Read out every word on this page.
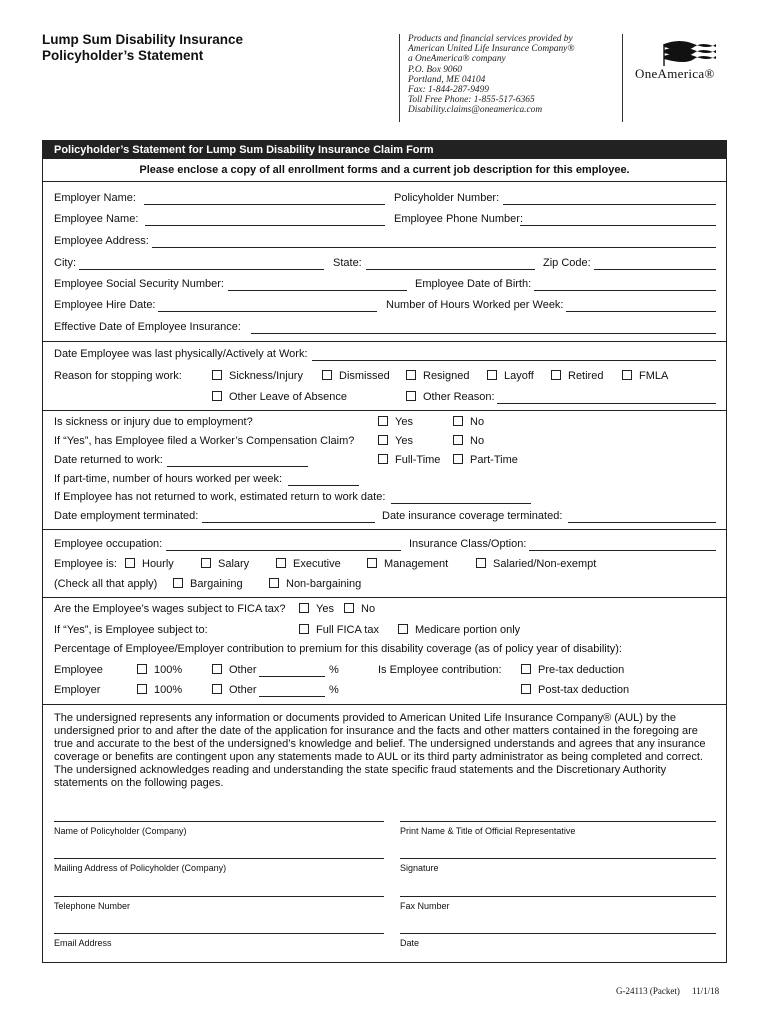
Lump Sum Disability Insurance
Policyholder’s Statement
Products and financial services provided by
American United Life Insurance Company®
a OneAmerica® company
P.O. Box 9060
Portland, ME 04104
Fax: 1-844-287-9499
Toll Free Phone: 1-855-517-6365
Disability.claims@oneamerica.com
OneAmerica®
Policyholder’s Statement for Lump Sum Disability Insurance Claim Form
Please enclose a copy of all enrollment forms and a current job description for this employee.
Employer Name:	Policyholder Number:
Employee Name:	Employee Phone Number:
Employee Address:
City:	State:	Zip Code:
Employee Social Security Number:	Employee Date of Birth:
Employee Hire Date:	Number of Hours Worked per Week:
Effective Date of Employee Insurance:
Date Employee was last physically/Actively at Work:
Reason for stopping work:	Sickness/Injury	Dismissed	Resigned	Layoff	Retired	FMLA
Other Leave of Absence	Other Reason:
Is sickness or injury due to employment?	Yes	No
If “Yes”, has Employee filed a Worker’s Compensation Claim?	Yes	No
Date returned to work:	Full-Time	Part-Time
If part-time, number of hours worked per week:
If Employee has not returned to work, estimated return to work date:
Date employment terminated:	Date insurance coverage terminated:
Employee occupation:	Insurance Class/Option:
Employee is: Hourly	Salary	Executive	Management	Salaried/Non-exempt
(Check all that apply)	Bargaining	Non-bargaining
Are the Employee’s wages subject to FICA tax?	Yes No
If “Yes”, is Employee subject to:	Full FICA tax	Medicare portion only
Percentage of Employee/Employer contribution to premium for this disability coverage (as of policy year of disability):
Employee	100%	Other	%	Is Employee contribution:	Pre-tax deduction
Employer	100%	Other	%	Post-tax deduction
The undersigned represents any information or documents provided to American United Life Insurance Company® (AUL) by the undersigned prior to and after the date of the application for insurance and the facts and other matters contained in the foregoing are true and accurate to the best of the undersigned’s knowledge and belief. The undersigned understands and agrees that any insurance coverage or benefits are contingent upon any statements made to AUL or its third party administrator as being completed and correct. The undersigned acknowledges reading and understanding the state specific fraud statements and the Discretionary Authority statements on the following pages.
Name of Policyholder (Company)	Print Name & Title of Official Representative
Mailing Address of Policyholder (Company)	Signature
Telephone Number	Fax Number
Email Address	Date
G-24113 (Packet) 11/1/18
